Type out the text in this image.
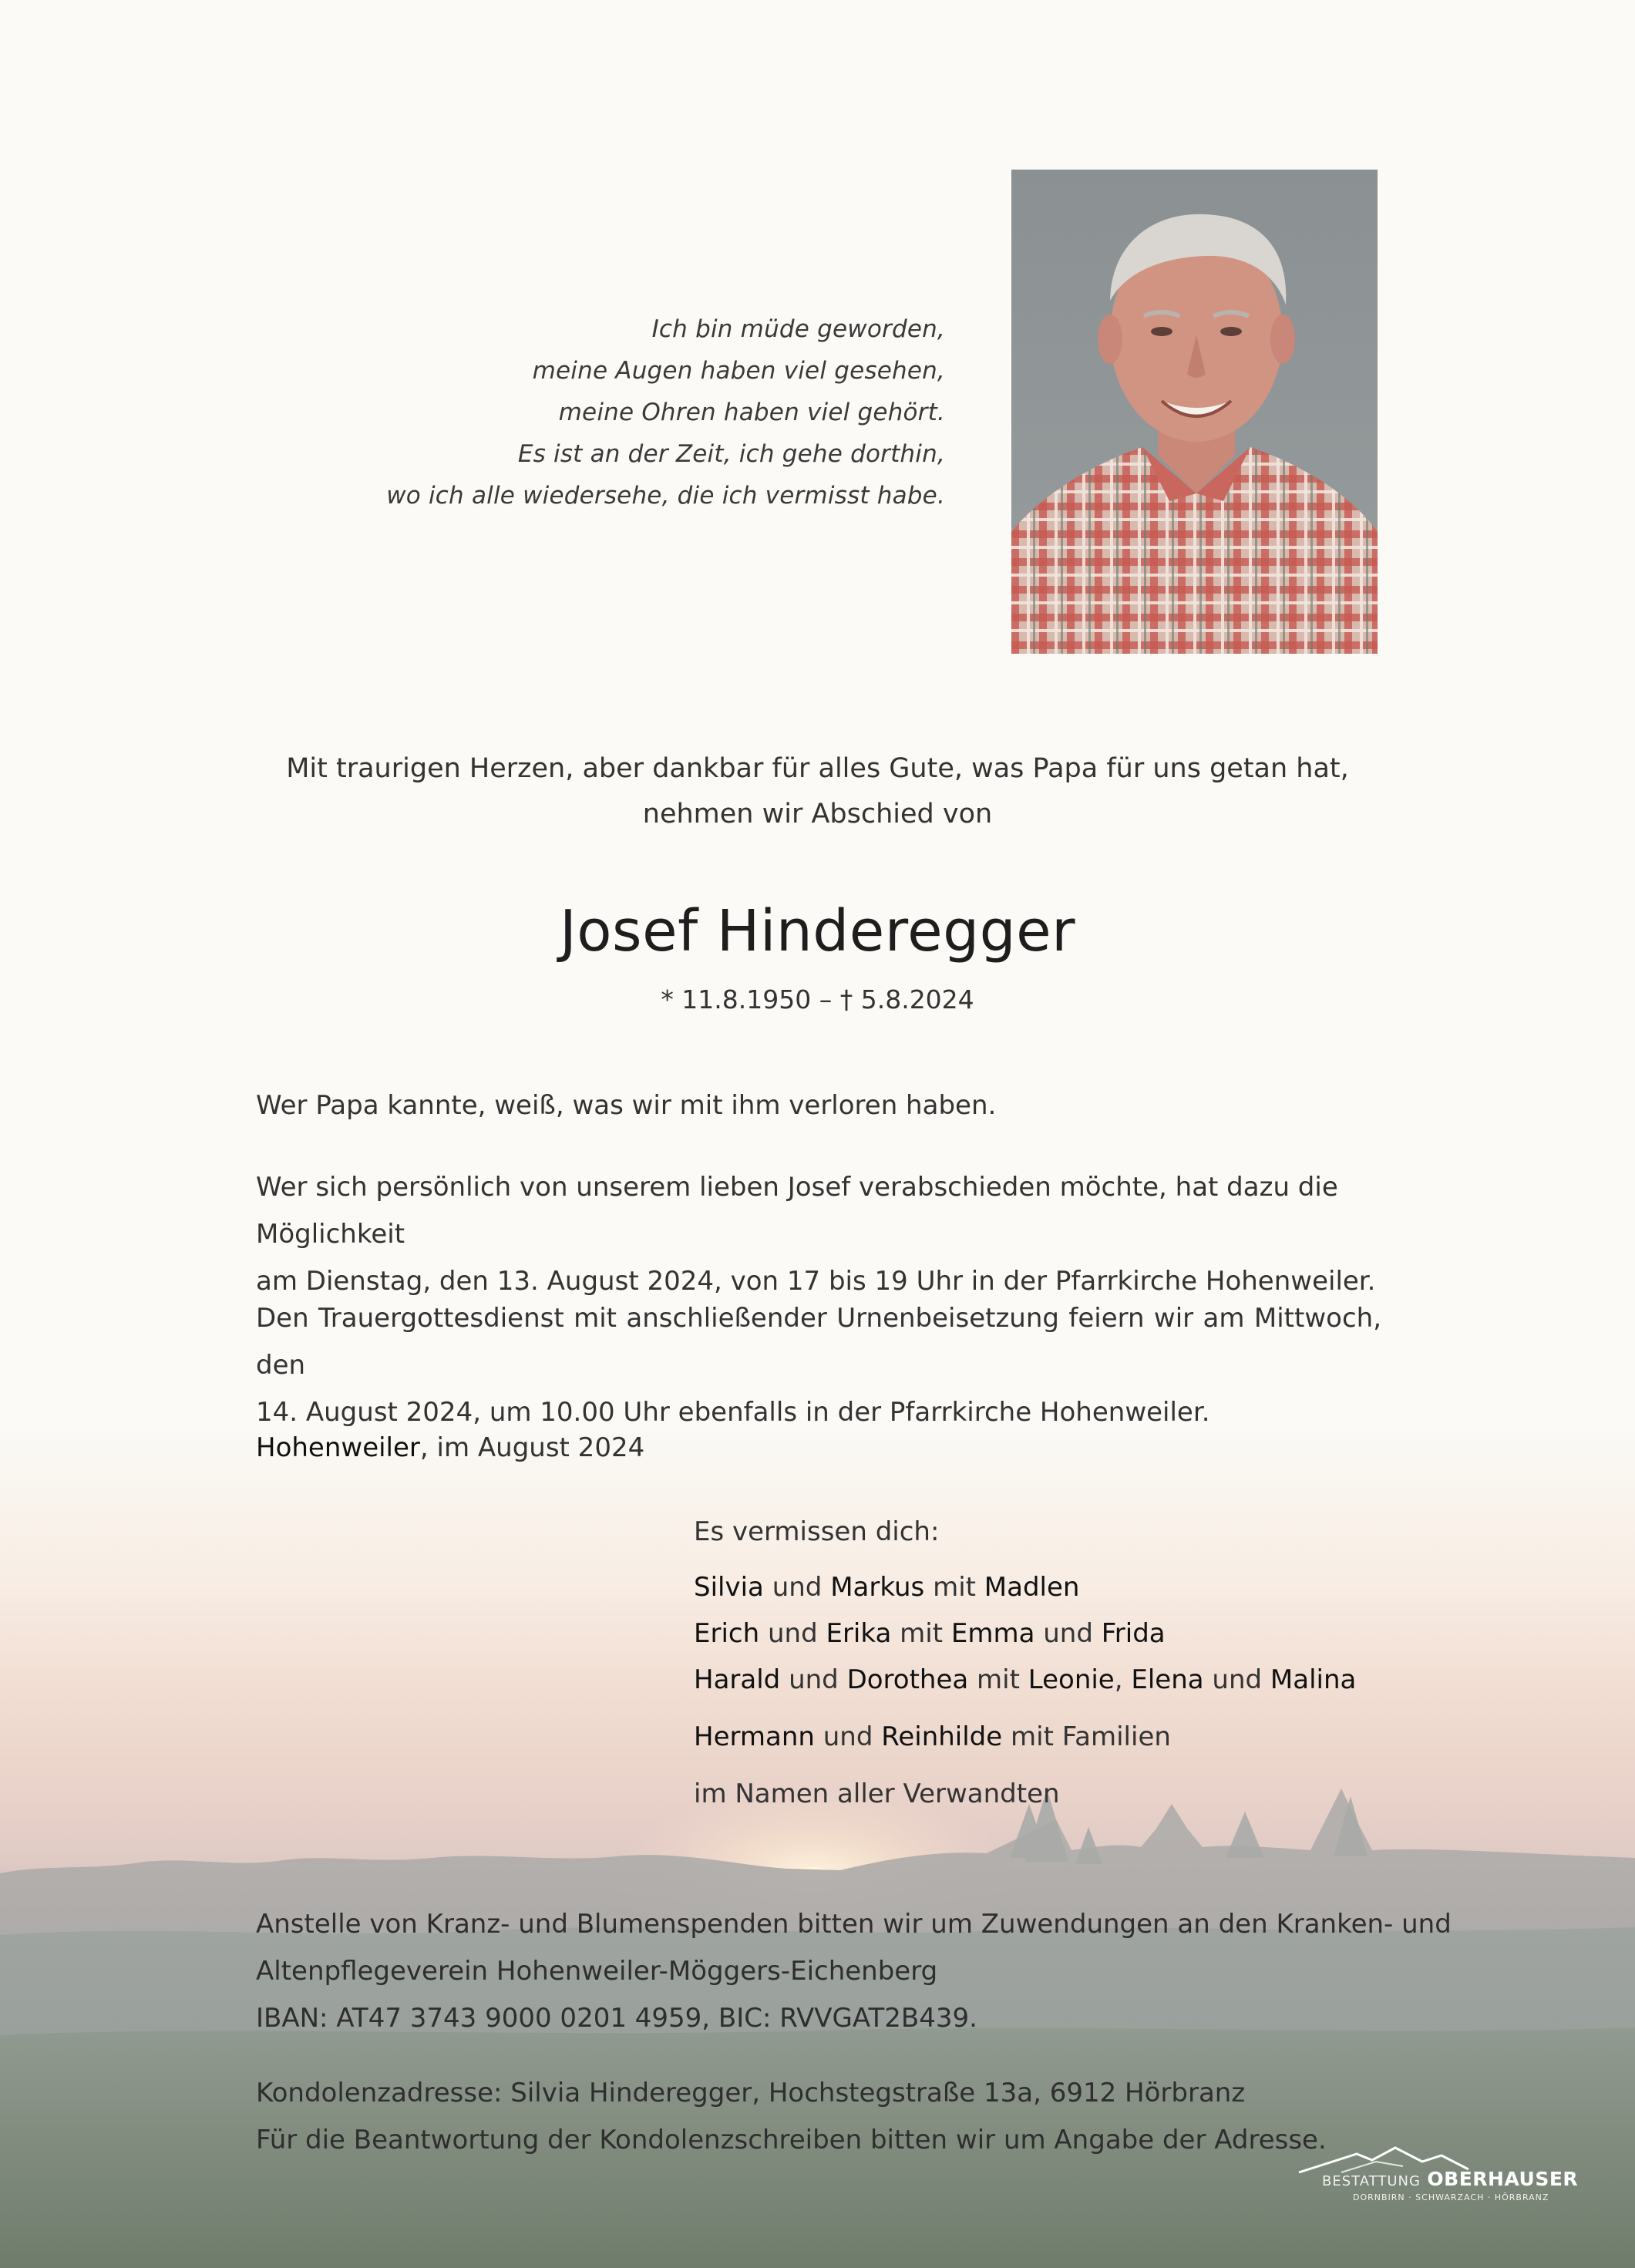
Ich bin müde geworden,
meine Augen haben viel gesehen,
meine Ohren haben viel gehört.
Es ist an der Zeit, ich gehe dorthin,
wo ich alle wiedersehe, die ich vermisst habe.
Mit traurigen Herzen, aber dankbar für alles Gute, was Papa für uns getan hat,
nehmen wir Abschied von
Josef Hinderegger
* 11.8.1950 – † 5.8.2024
Wer Papa kannte, weiß, was wir mit ihm verloren haben.
Wer sich persönlich von unserem lieben Josef verabschieden möchte, hat dazu die Möglichkeit
am Dienstag, den 13. August 2024, von 17 bis 19 Uhr in der Pfarrkirche Hohenweiler.
Den Trauergottesdienst mit anschließender Urnenbeisetzung feiern wir am Mittwoch, den
14. August 2024, um 10.00 Uhr ebenfalls in der Pfarrkirche Hohenweiler.
Hohenweiler, im August 2024
Es vermissen dich:
Silvia und Markus mit Madlen
Erich und Erika mit Emma und Frida
Harald und Dorothea mit Leonie, Elena und Malina
Hermann und Reinhilde mit Familien
im Namen aller Verwandten
Anstelle von Kranz- und Blumenspenden bitten wir um Zuwendungen an den Kranken- und
Altenpflegeverein Hohenweiler-Möggers-Eichenberg
IBAN: AT47 3743 9000 0201 4959, BIC: RVVGAT2B439.
Kondolenzadresse: Silvia Hinderegger, Hochstegstraße 13a, 6912 Hörbranz
Für die Beantwortung der Kondolenzschreiben bitten wir um Angabe der Adresse.
BESTATTUNG OBERHAUSER
DORNBIRN · SCHWARZACH · HÖRBRANZ
